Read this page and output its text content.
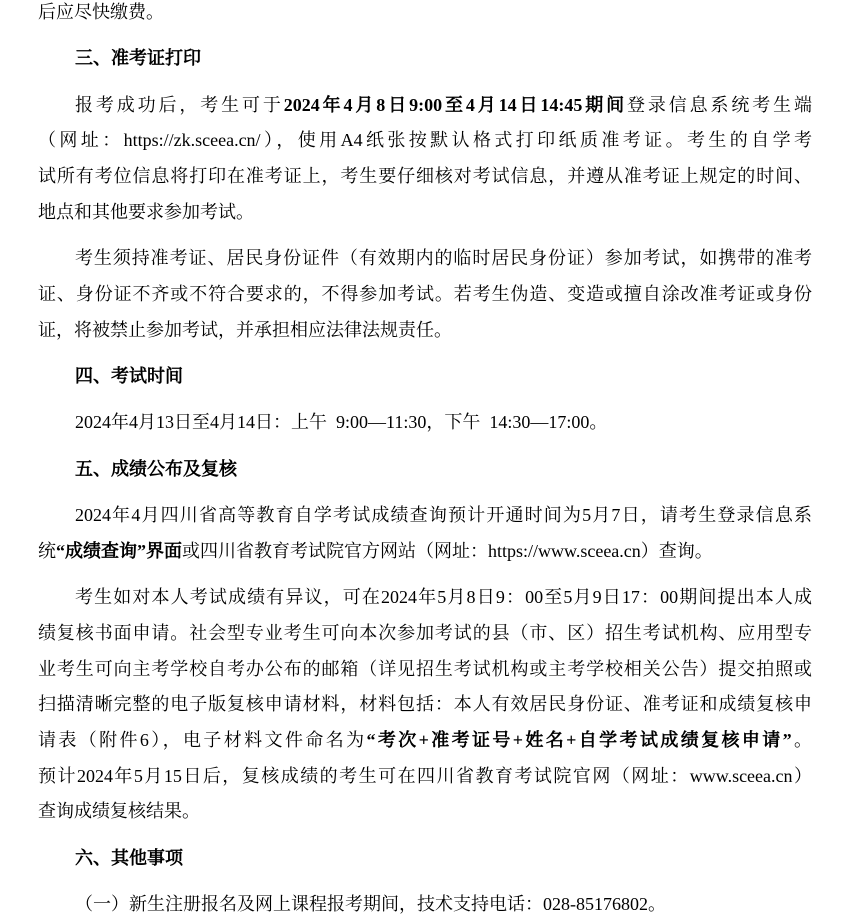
后应尽快缴费。
三、准考证打印
报考成功后，考生可于2024年4月8日9:00至4月14日14:45期间登录信息系统考生端
（网址：https://zk.sceea.cn/），使用A4纸张按默认格式打印纸质准考证。考生的自学考
试所有考位信息将打印在准考证上，考生要仔细核对考试信息，并遵从准考证上规定的时间、
地点和其他要求参加考试。
考生须持准考证、居民身份证件（有效期内的临时居民身份证）参加考试，如携带的准考
证、身份证不齐或不符合要求的，不得参加考试。若考生伪造、变造或擅自涂改准考证或身份
证，将被禁止参加考试，并承担相应法律法规责任。
四、考试时间
2024年4月13日至4月14日：上午  9:00—11:30，下午  14:30—17:00。
五、成绩公布及复核
2024年4月四川省高等教育自学考试成绩查询预计开通时间为5月7日，请考生登录信息系
统“成绩查询”界面或四川省教育考试院官方网站（网址：https://www.sceea.cn）查询。
考生如对本人考试成绩有异议，可在2024年5月8日9：00至5月9日17：00期间提出本人成
绩复核书面申请。社会型专业考生可向本次参加考试的县（市、区）招生考试机构、应用型专
业考生可向主考学校自考办公布的邮箱（详见招生考试机构或主考学校相关公告）提交拍照或
扫描清晰完整的电子版复核申请材料，材料包括：本人有效居民身份证、准考证和成绩复核申
请表（附件6），电子材料文件命名为“考次+准考证号+姓名+自学考试成绩复核申请”。
预计2024年5月15日后，复核成绩的考生可在四川省教育考试院官网（网址：www.sceea.cn）
查询成绩复核结果。
六、其他事项
（一）新生注册报名及网上课程报考期间，技术支持电话：028-85176802。
